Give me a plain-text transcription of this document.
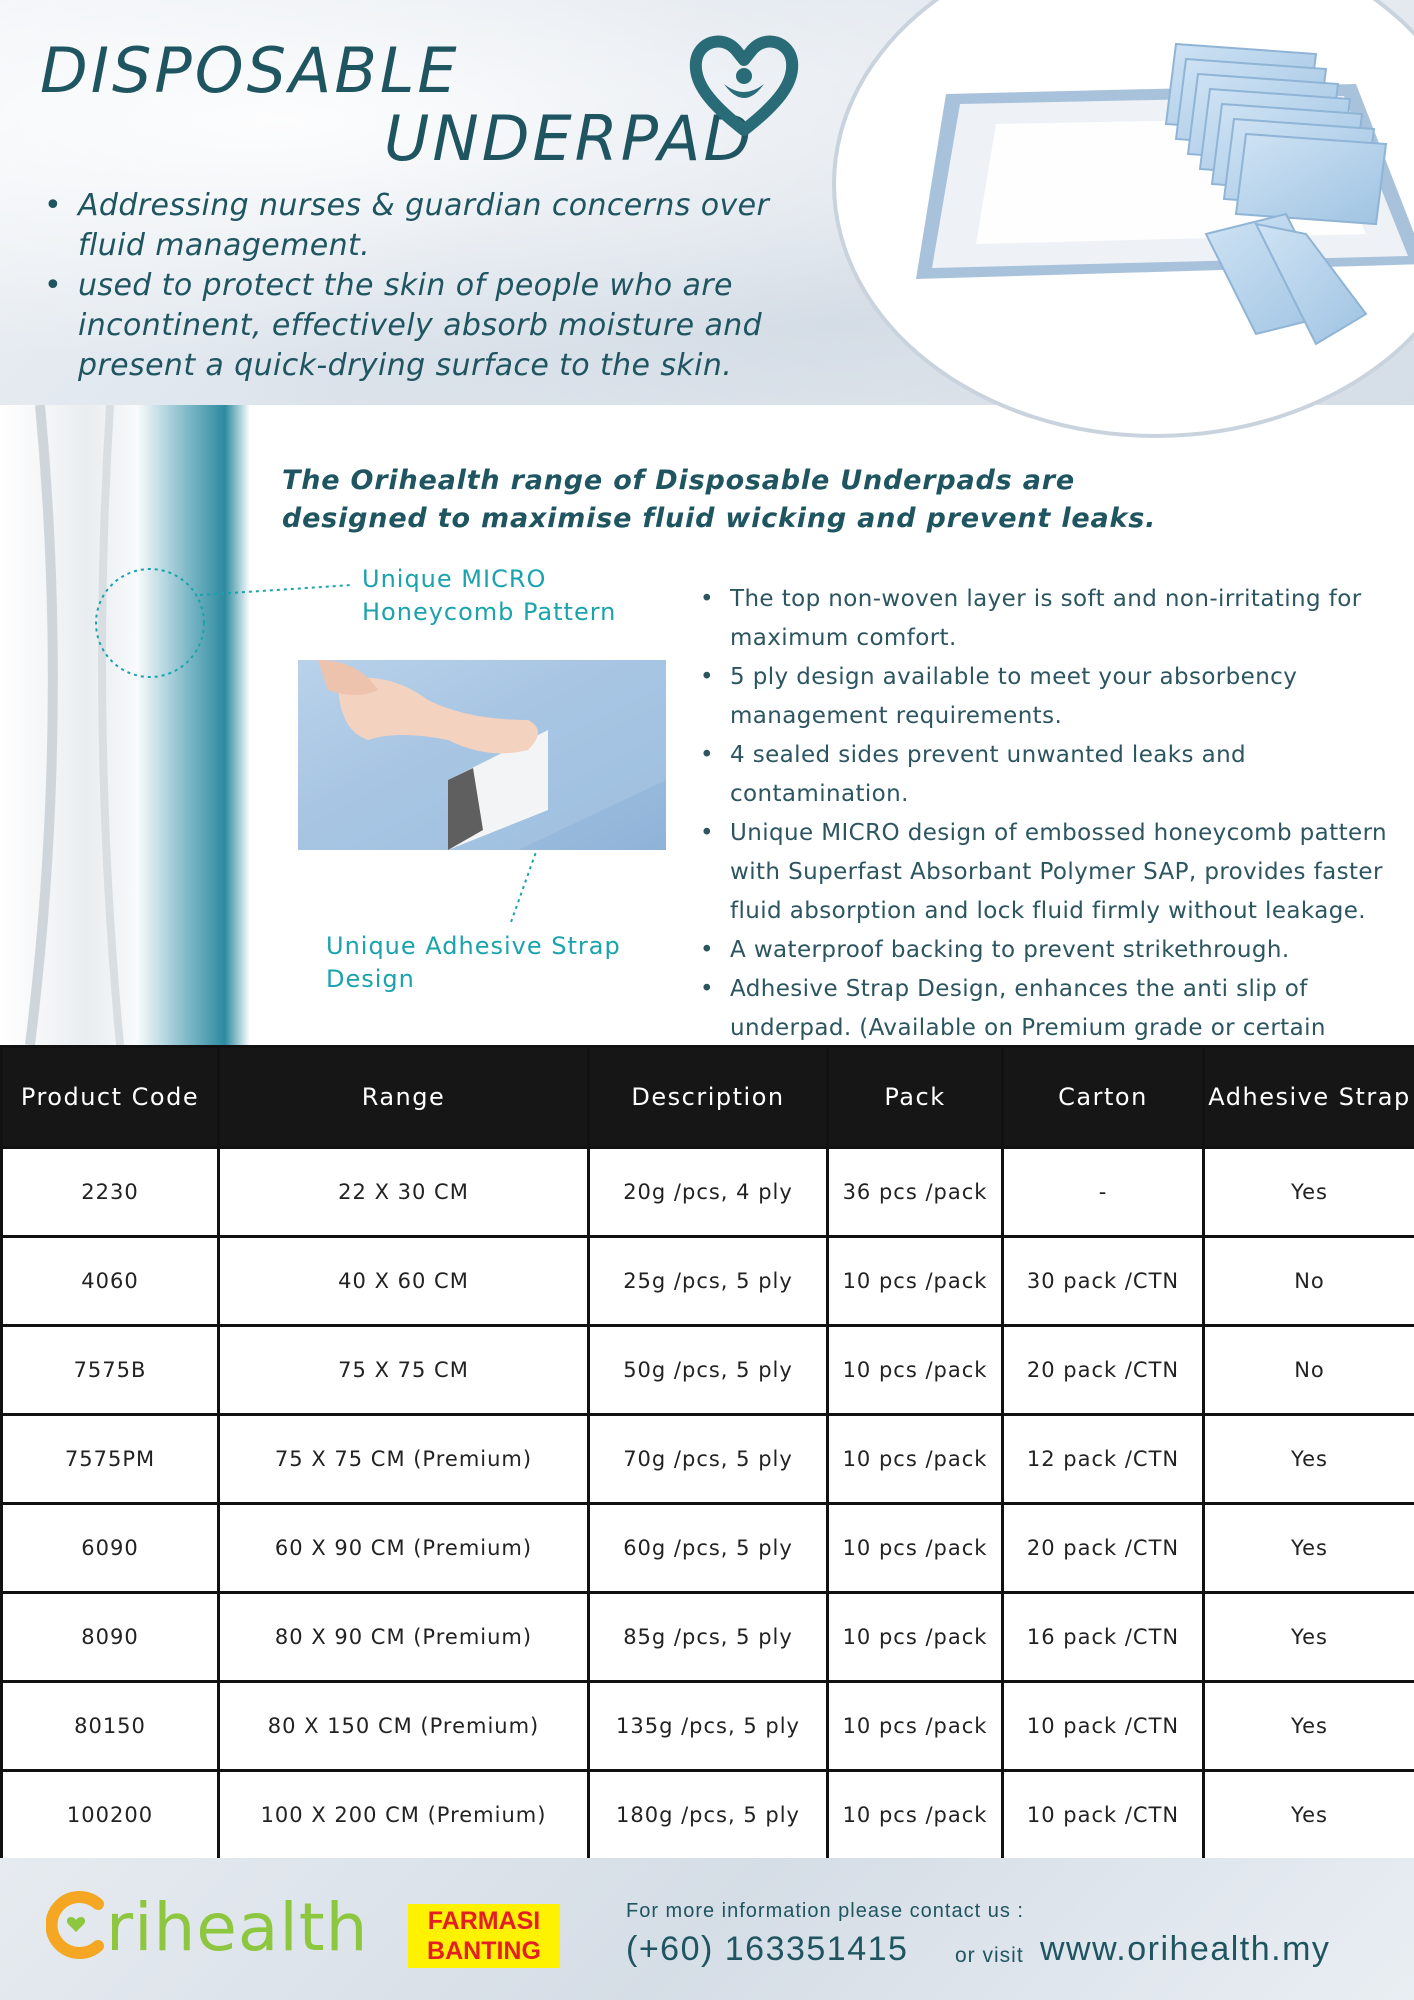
DISPOSABLE
UNDERPAD
• Addressing nurses & guardian concerns over fluid management.
• used to protect the skin of people who are incontinent, effectively absorb moisture and present a quick-drying surface to the skin.

The Orihealth range of Disposable Underpads are
designed to maximise fluid wicking and prevent leaks.

Unique MICRO
Honeycomb Pattern
Unique Adhesive Strap
Design
• The top non-woven layer is soft and non-irritating for maximum comfort.
• 5 ply design available to meet your absorbency management requirements.
• 4 sealed sides prevent unwanted leaks and contamination.
• Unique MICRO design of embossed honeycomb pattern with Superfast Absorbant Polymer SAP, provides faster fluid absorption and lock fluid firmly without leakage.
• A waterproof backing to prevent strikethrough.
• Adhesive Strap Design, enhances the anti slip of underpad. (Available on Premium grade or certain
Product Code	Range	Description	Pack	Carton	Adhesive Strap
2230	22 X 30 CM	20g /pcs, 4 ply	36 pcs /pack	-	Yes
4060	40 X 60 CM	25g /pcs, 5 ply	10 pcs /pack	30 pack /CTN	No
7575B	75 X 75 CM	50g /pcs, 5 ply	10 pcs /pack	20 pack /CTN	No
7575PM	75 X 75 CM (Premium)	70g /pcs, 5 ply	10 pcs /pack	12 pack /CTN	Yes
6090	60 X 90 CM (Premium)	60g /pcs, 5 ply	10 pcs /pack	20 pack /CTN	Yes
8090	80 X 90 CM (Premium)	85g /pcs, 5 ply	10 pcs /pack	16 pack /CTN	Yes
80150	80 X 150 CM (Premium)	135g /pcs, 5 ply	10 pcs /pack	10 pack /CTN	Yes
100200	100 X 200 CM (Premium)	180g /pcs, 5 ply	10 pcs /pack	10 pack /CTN	Yes
rihealth	FARMASI
BANTING
For more information please contact us :
(+60) 163351415 or visit www.orihealth.my
